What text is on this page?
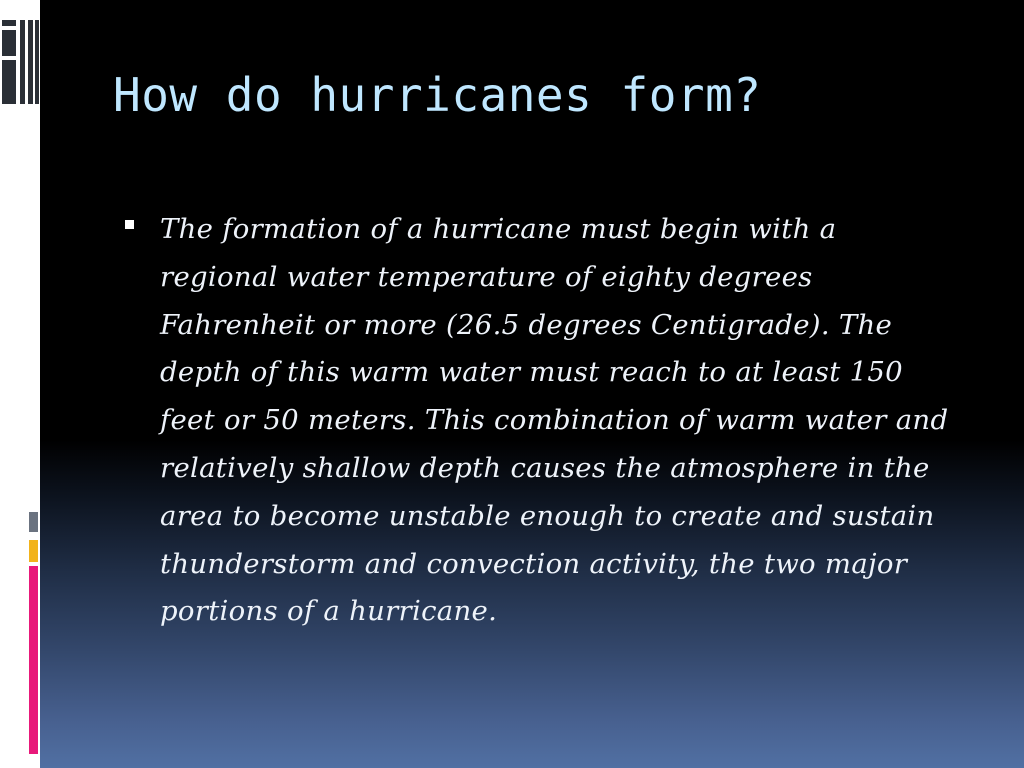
How do hurricanes form?

The formation of a hurricane must begin with a regional water temperature of eighty degrees Fahrenheit or more (26.5 degrees Centigrade). The depth of this warm water must reach to at least 150 feet or 50 meters. This combination of warm water and relatively shallow depth causes the atmosphere in the area to become unstable enough to create and sustain thunderstorm and convection activity, the two major portions of a hurricane.
